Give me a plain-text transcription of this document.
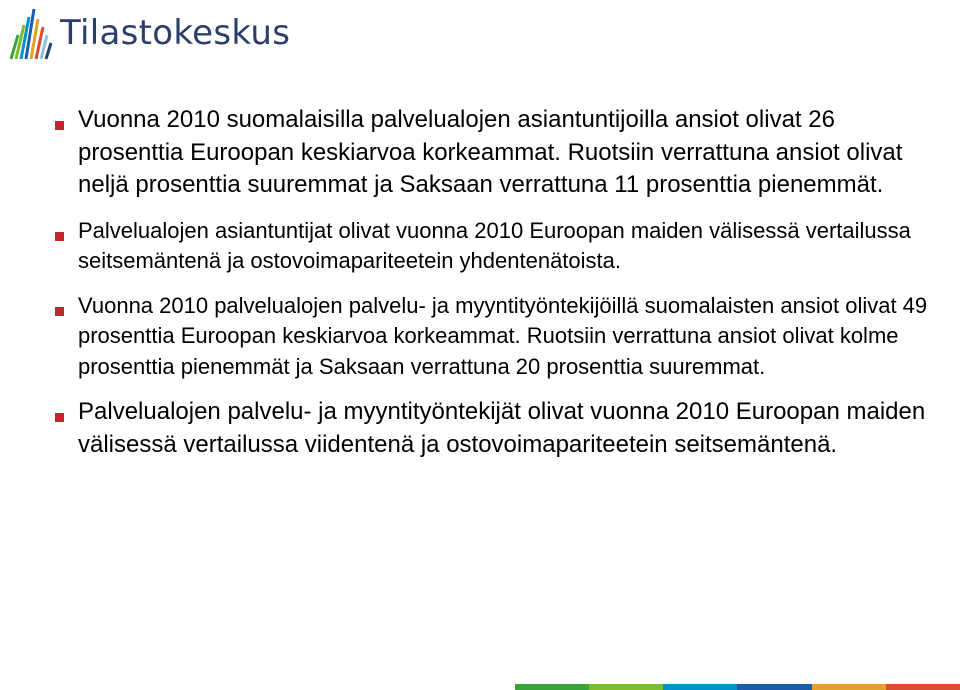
Tilastokeskus
Vuonna 2010 suomalaisilla palvelualojen asiantuntijoilla ansiot olivat 26 prosenttia Euroopan keskiarvoa korkeammat. Ruotsiin verrattuna ansiot olivat neljä prosenttia suuremmat ja Saksaan verrattuna 11 prosenttia pienemmät.
Palvelualojen asiantuntijat olivat vuonna 2010 Euroopan maiden välisessä vertailussa seitsemäntenä ja ostovoimapariteetein yhdentenätoista.
Vuonna 2010 palvelualojen palvelu- ja myyntityöntekijöillä suomalaisten ansiot olivat 49 prosenttia Euroopan keskiarvoa korkeammat. Ruotsiin verrattuna ansiot olivat kolme prosenttia pienemmät ja Saksaan verrattuna 20 prosenttia suuremmat.
Palvelualojen palvelu- ja myyntityöntekijät olivat vuonna 2010 Euroopan maiden välisessä vertailussa viidentenä ja ostovoimapariteetein seitsemäntenä.
